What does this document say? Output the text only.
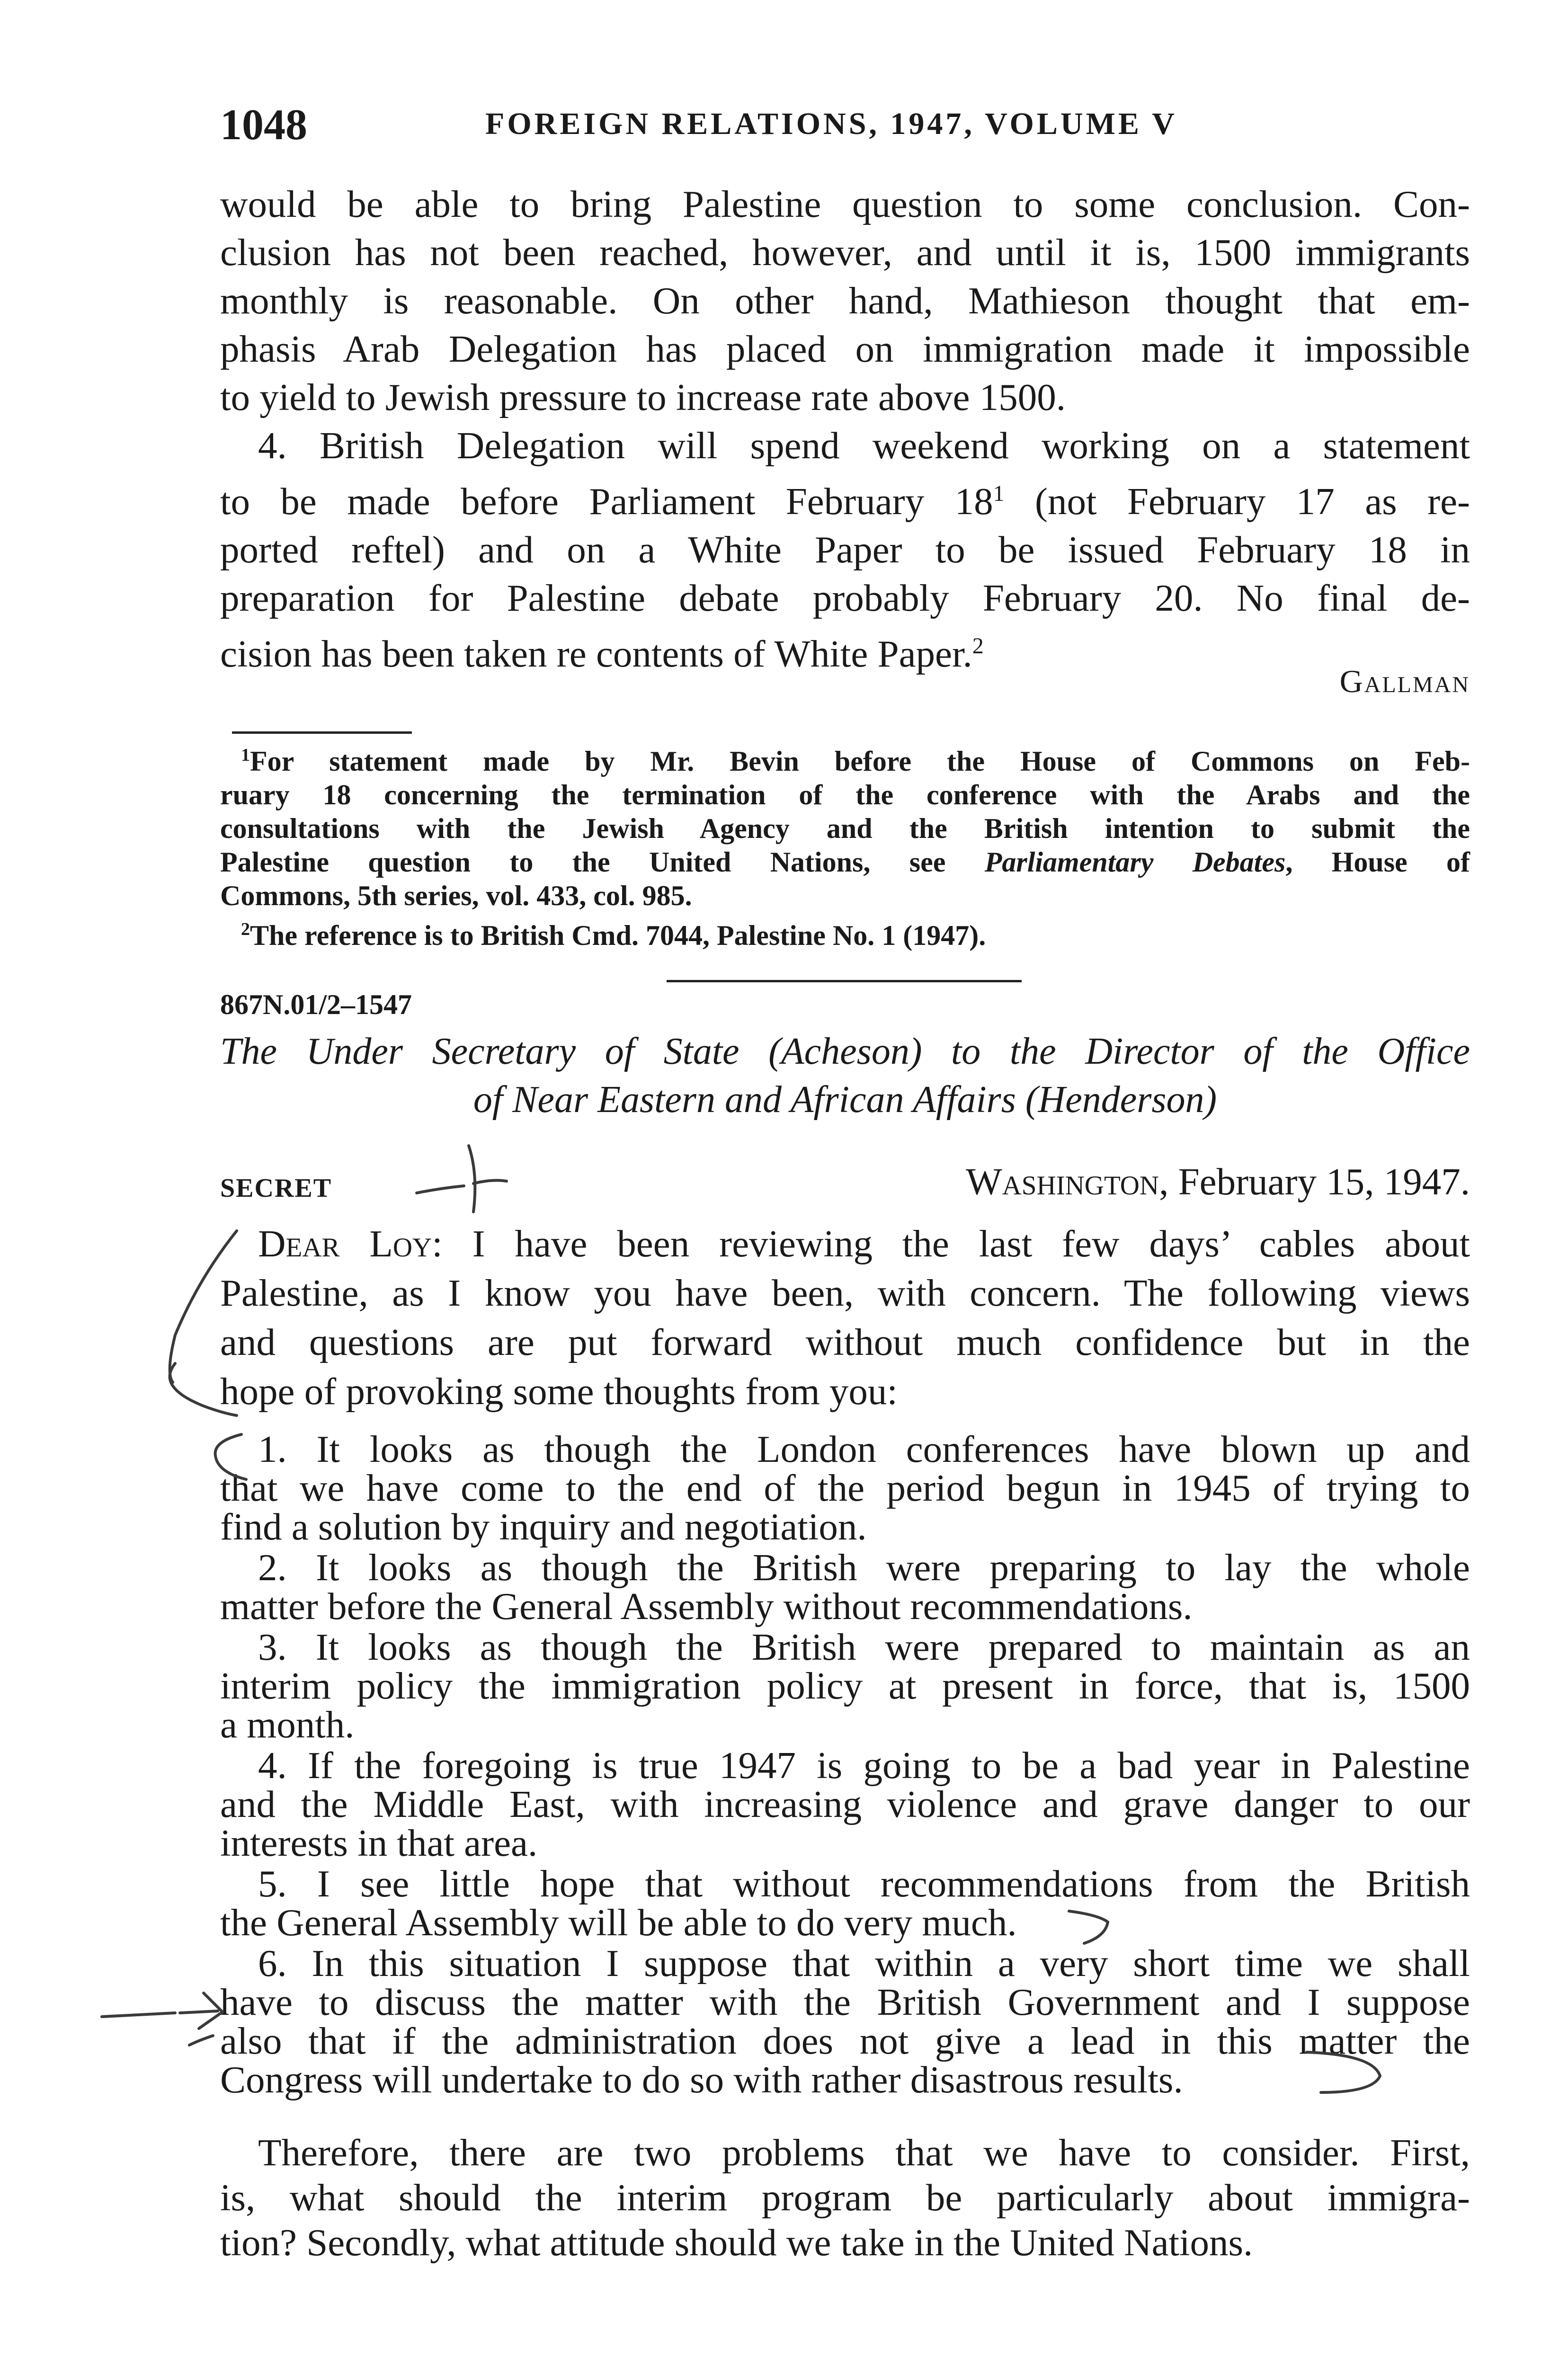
1048	FOREIGN RELATIONS, 1947, VOLUME V
would be able to bring Palestine question to some conclusion. Con-
clusion has not been reached, however, and until it is, 1500 immigrants
monthly is reasonable. On other hand, Mathieson thought that em-
phasis Arab Delegation has placed on immigration made it impossible
to yield to Jewish pressure to increase rate above 1500.
4. British Delegation will spend weekend working on a statement
to be made before Parliament February $18^1$ (not February 17 as re-
ported reftel) and on a White Paper to be issued February 18 in
preparation for Palestine debate probably February 20. No final de-
cision has been taken re contents of White Paper.$^2$
Gallman
$^1$For statement made by Mr. Bevin before the House of Commons on Feb-
ruary 18 concerning the termination of the conference with the Arabs and the
consultations with the Jewish Agency and the British intention to submit the
Palestine question to the United Nations, see Parliamentary Debates, House of
Commons, 5th series, vol. 433, col. 985.
$^2$The reference is to British Cmd. 7044, Palestine No. 1 (1947).
867N.01/2–1547
The Under Secretary of State (Acheson) to the Director of the Office
of Near Eastern and African Affairs (Henderson)
SECRET	Washington, February 15, 1947.
Dear Loy: I have been reviewing the last few days’ cables about
Palestine, as I know you have been, with concern. The following views
and questions are put forward without much confidence but in the
hope of provoking some thoughts from you:
1. It looks as though the London conferences have blown up and
that we have come to the end of the period begun in 1945 of trying to
find a solution by inquiry and negotiation.
2. It looks as though the British were preparing to lay the whole
matter before the General Assembly without recommendations.
3. It looks as though the British were prepared to maintain as an
interim policy the immigration policy at present in force, that is, 1500
a month.
4. If the foregoing is true 1947 is going to be a bad year in Palestine
and the Middle East, with increasing violence and grave danger to our
interests in that area.
5. I see little hope that without recommendations from the British
the General Assembly will be able to do very much.
6. In this situation I suppose that within a very short time we shall
have to discuss the matter with the British Government and I suppose
also that if the administration does not give a lead in this matter the
Congress will undertake to do so with rather disastrous results.
Therefore, there are two problems that we have to consider. First,
is, what should the interim program be particularly about immigra-
tion? Secondly, what attitude should we take in the United Nations.
